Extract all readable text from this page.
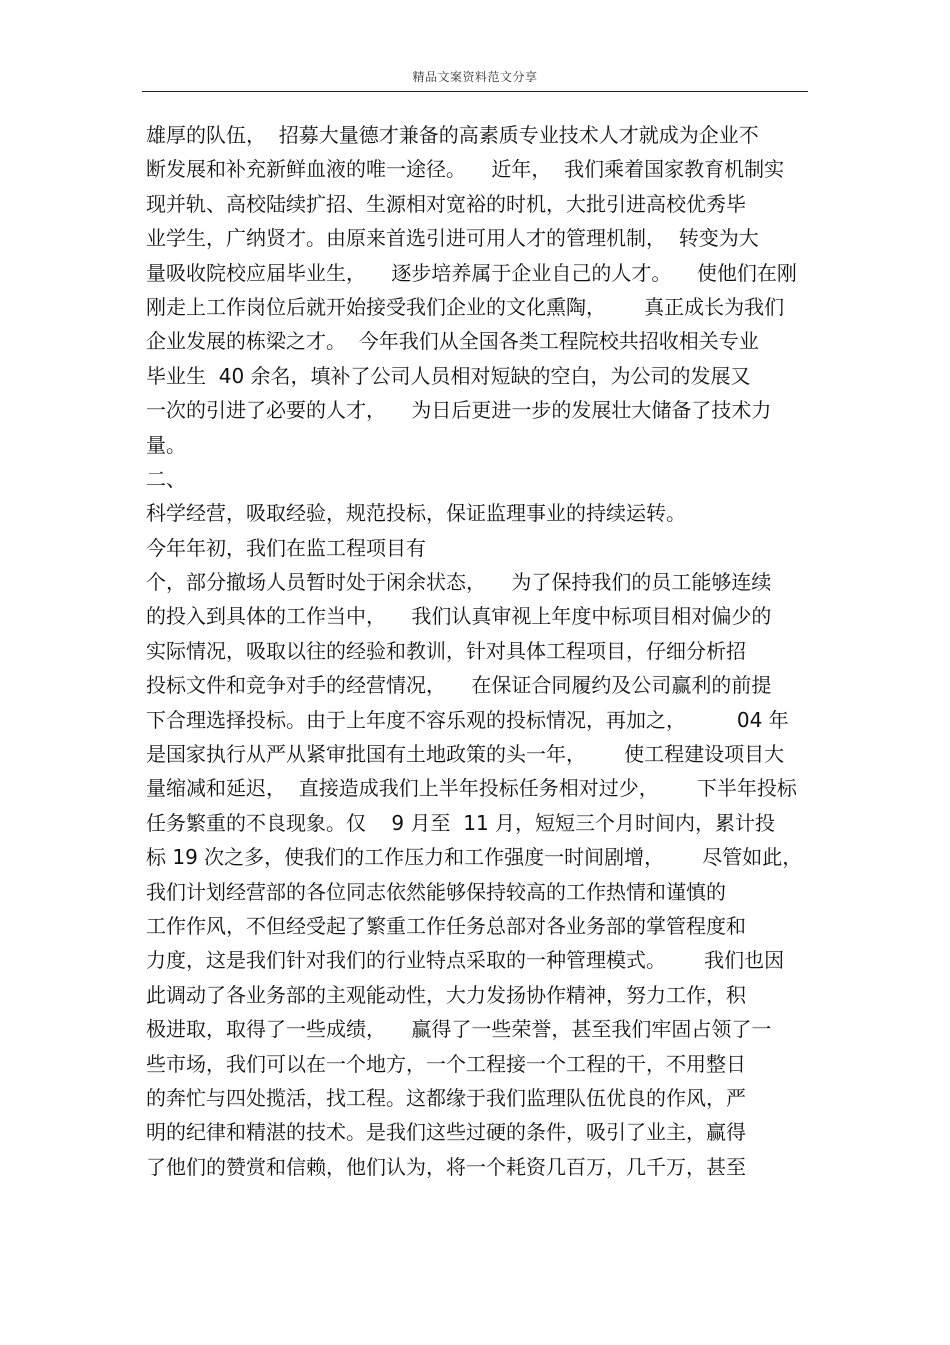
精品文案资料范文分享
雄厚的队伍，  招募大量德才兼备的高素质专业技术人才就成为企业不
断发展和补充新鲜血液的唯一途径。    近年，  我们乘着国家教育机制实
现并轨、高校陆续扩招、生源相对宽裕的时机，大批引进高校优秀毕
业学生，广纳贤才。由原来首选引进可用人才的管理机制，  转变为大
量吸收院校应届毕业生，    逐步培养属于企业自己的人才。    使他们在刚
刚走上工作岗位后就开始接受我们企业的文化熏陶，      真正成长为我们
企业发展的栋梁之才。  今年我们从全国各类工程院校共招收相关专业
毕业生  40 余名，填补了公司人员相对短缺的空白，为公司的发展又
一次的引进了必要的人才，    为日后更进一步的发展壮大储备了技术力
量。
二、
科学经营，吸取经验，规范投标，保证监理事业的持续运转。
今年年初，我们在监工程项目有
个，部分撤场人员暂时处于闲余状态，    为了保持我们的员工能够连续
的投入到具体的工作当中，    我们认真审视上年度中标项目相对偏少的
实际情况，吸取以往的经验和教训，针对具体工程项目，仔细分析招
投标文件和竞争对手的经营情况，    在保证合同履约及公司赢利的前提
下合理选择投标。由于上年度不容乐观的投标情况，再加之，        04 年
是国家执行从严从紧审批国有土地政策的头一年，      使工程建设项目大
量缩减和延迟，  直接造成我们上半年投标任务相对过少，      下半年投标
任务繁重的不良现象。仅    9 月至  11 月，短短三个月时间内，累计投
标 19 次之多，使我们的工作压力和工作强度一时间剧增，      尽管如此，
我们计划经营部的各位同志依然能够保持较高的工作热情和谨慎的
工作作风，不但经受起了繁重工作任务总部对各业务部的掌管程度和
力度，这是我们针对我们的行业特点采取的一种管理模式。      我们也因
此调动了各业务部的主观能动性，大力发扬协作精神，努力工作，积
极进取，取得了一些成绩，    赢得了一些荣誉，甚至我们牢固占领了一
些市场，我们可以在一个地方，一个工程接一个工程的干，不用整日
的奔忙与四处揽活，找工程。这都缘于我们监理队伍优良的作风，严
明的纪律和精湛的技术。是我们这些过硬的条件，吸引了业主，赢得
了他们的赞赏和信赖，他们认为，将一个耗资几百万，几千万，甚至
